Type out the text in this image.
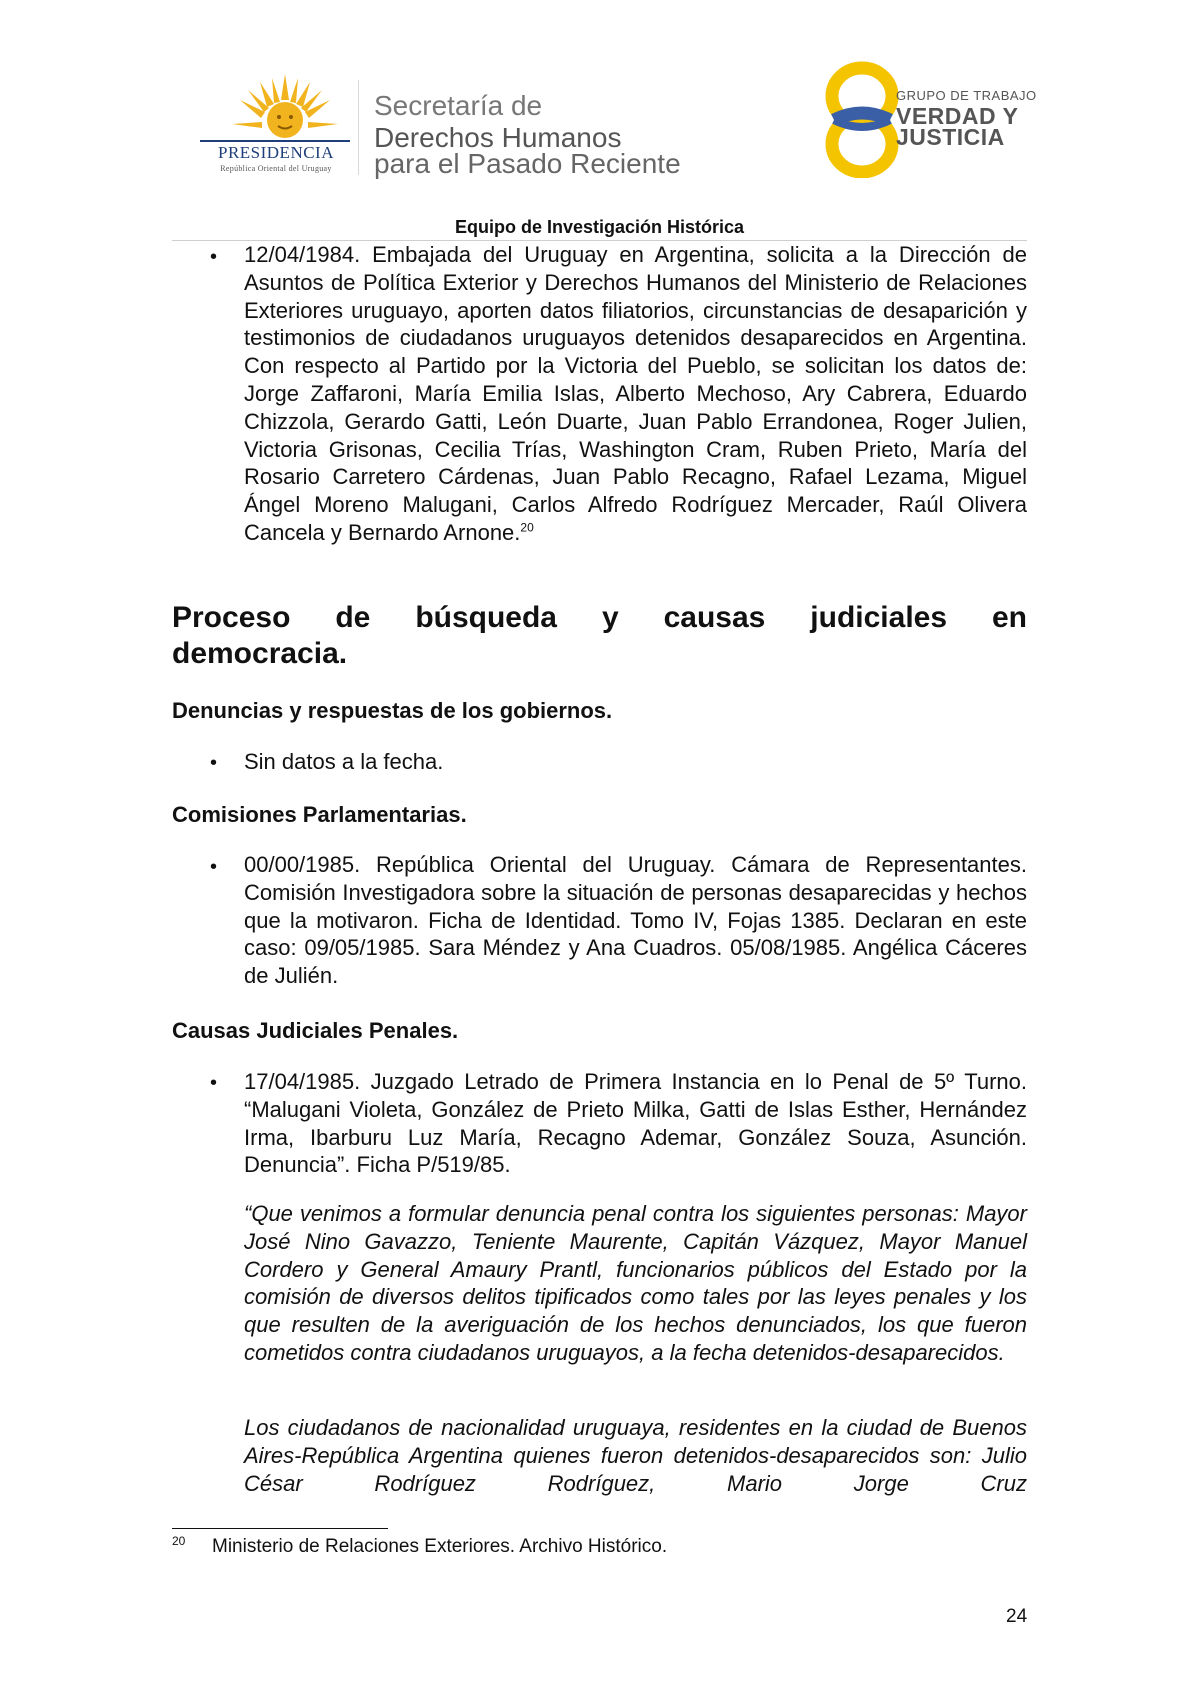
PRESIDENCIA
República Oriental del Uruguay
Secretaría de
Derechos Humanos
para el Pasado Reciente
GRUPO DE TRABAJO
VERDAD Y
JUSTICIA
Equipo de Investigación Histórica
• 12/04/1984. Embajada del Uruguay en Argentina, solicita a la Dirección de Asuntos de Política Exterior y Derechos Humanos del Ministerio de Relaciones Exteriores uruguayo, aporten datos filiatorios, circunstancias de desaparición y testimonios de ciudadanos uruguayos detenidos desaparecidos en Argentina. Con respecto al Partido por la Victoria del Pueblo, se solicitan los datos de: Jorge Zaffaroni, María Emilia Islas, Alberto Mechoso, Ary Cabrera, Eduardo Chizzola, Gerardo Gatti, León Duarte, Juan Pablo Errandonea, Roger Julien, Victoria Grisonas, Cecilia Trías, Washington Cram, Ruben Prieto, María del Rosario Carretero Cárdenas, Juan Pablo Recagno, Rafael Lezama, Miguel Ángel Moreno Malugani, Carlos Alfredo Rodríguez Mercader, Raúl Olivera Cancela y Bernardo Arnone.$^{20}$
Proceso de búsqueda y causas judiciales en
democracia.
Denuncias y respuestas de los gobiernos.
• Sin datos a la fecha.
Comisiones Parlamentarias.
• 00/00/1985. República Oriental del Uruguay. Cámara de Representantes. Comisión Investigadora sobre la situación de personas desaparecidas y hechos que la motivaron. Ficha de Identidad. Tomo IV, Fojas 1385. Declaran en este caso: 09/05/1985. Sara Méndez y Ana Cuadros. 05/08/1985. Angélica Cáceres de Julién.
Causas Judiciales Penales.
• 17/04/1985. Juzgado Letrado de Primera Instancia en lo Penal de 5º Turno. “Malugani Violeta, González de Prieto Milka, Gatti de Islas Esther, Hernández Irma, Ibarburu Luz María, Recagno Ademar, González Souza, Asunción. Denuncia”. Ficha P/519/85.
“Que venimos a formular denuncia penal contra los siguientes personas: Mayor José Nino Gavazzo, Teniente Maurente, Capitán Vázquez, Mayor Manuel Cordero y General Amaury Prantl, funcionarios públicos del Estado por la comisión de diversos delitos tipificados como tales por las leyes penales y los que resulten de la averiguación de los hechos denunciados, los que fueron cometidos contra ciudadanos uruguayos, a la fecha detenidos-desaparecidos.
Los ciudadanos de nacionalidad uruguaya, residentes en la ciudad de Buenos Aires-República Argentina quienes fueron detenidos-desaparecidos son: Julio César Rodríguez Rodríguez, Mario Jorge Cruz
20 Ministerio de Relaciones Exteriores. Archivo Histórico.
24
